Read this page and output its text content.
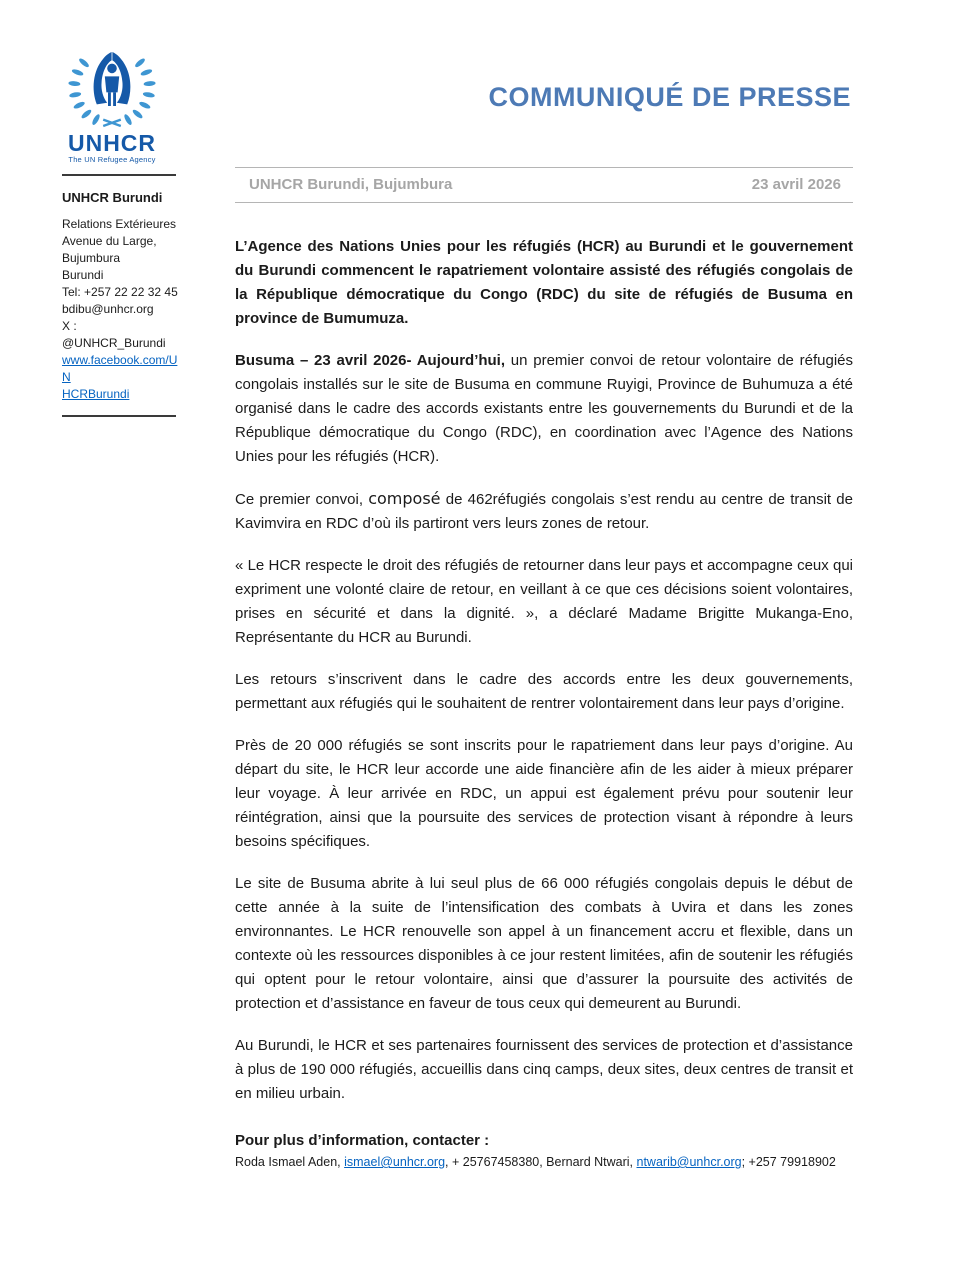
UNHCR
The UN Refugee Agency
UNHCR Burundi
Relations Extérieures
Avenue du Large,
Bujumbura
Burundi
Tel: +257 22 22 32 45
bdibu@unhcr.org
X : @UNHCR_Burundi
www.facebook.com/UN
HCRBurundi
COMMUNIQUÉ DE PRESSE
UNHCR Burundi, Bujumbura	23 avril 2026

L’Agence des Nations Unies pour les réfugiés (HCR) au Burundi et le gouvernement du Burundi commencent le rapatriement volontaire assisté des réfugiés congolais de la République démocratique du Congo (RDC) du site de réfugiés de Busuma en province de Bumumuza.

Busuma – 23 avril 2026- Aujourd’hui, un premier convoi de retour volontaire de réfugiés congolais installés sur le site de Busuma en commune Ruyigi, Province de Buhumuza a été organisé dans le cadre des accords existants entre les gouvernements du Burundi et de la République démocratique du Congo (RDC), en coordination avec l’Agence des Nations Unies pour les réfugiés (HCR).

Ce premier convoi, composé de 462réfugiés congolais s’est rendu au centre de transit de Kavimvira en RDC d’où ils partiront vers leurs zones de retour.

« Le HCR respecte le droit des réfugiés de retourner dans leur pays et accompagne ceux qui expriment une volonté claire de retour, en veillant à ce que ces décisions soient volontaires, prises en sécurité et dans la dignité. », a déclaré Madame Brigitte Mukanga-Eno, Représentante du HCR au Burundi.

Les retours s’inscrivent dans le cadre des accords entre les deux gouvernements, permettant aux réfugiés qui le souhaitent de rentrer volontairement dans leur pays d’origine.

Près de 20 000 réfugiés se sont inscrits pour le rapatriement dans leur pays d’origine. Au départ du site, le HCR leur accorde une aide financière afin de les aider à mieux préparer leur voyage. À leur arrivée en RDC, un appui est également prévu pour soutenir leur réintégration, ainsi que la poursuite des services de protection visant à répondre à leurs besoins spécifiques.

Le site de Busuma abrite à lui seul plus de 66 000 réfugiés congolais depuis le début de cette année à la suite de l’intensification des combats à Uvira et dans les zones environnantes. Le HCR renouvelle son appel à un financement accru et flexible, dans un contexte où les ressources disponibles à ce jour restent limitées, afin de soutenir les réfugiés qui optent pour le retour volontaire, ainsi que d’assurer la poursuite des activités de protection et d’assistance en faveur de tous ceux qui demeurent au Burundi.

Au Burundi, le HCR et ses partenaires fournissent des services de protection et d’assistance à plus de 190 000 réfugiés, accueillis dans cinq camps, deux sites, deux centres de transit et en milieu urbain.

Pour plus d’information, contacter :
Roda Ismael Aden, ismael@unhcr.org, + 25767458380, Bernard Ntwari, ntwarib@unhcr.org; +257 79918902
